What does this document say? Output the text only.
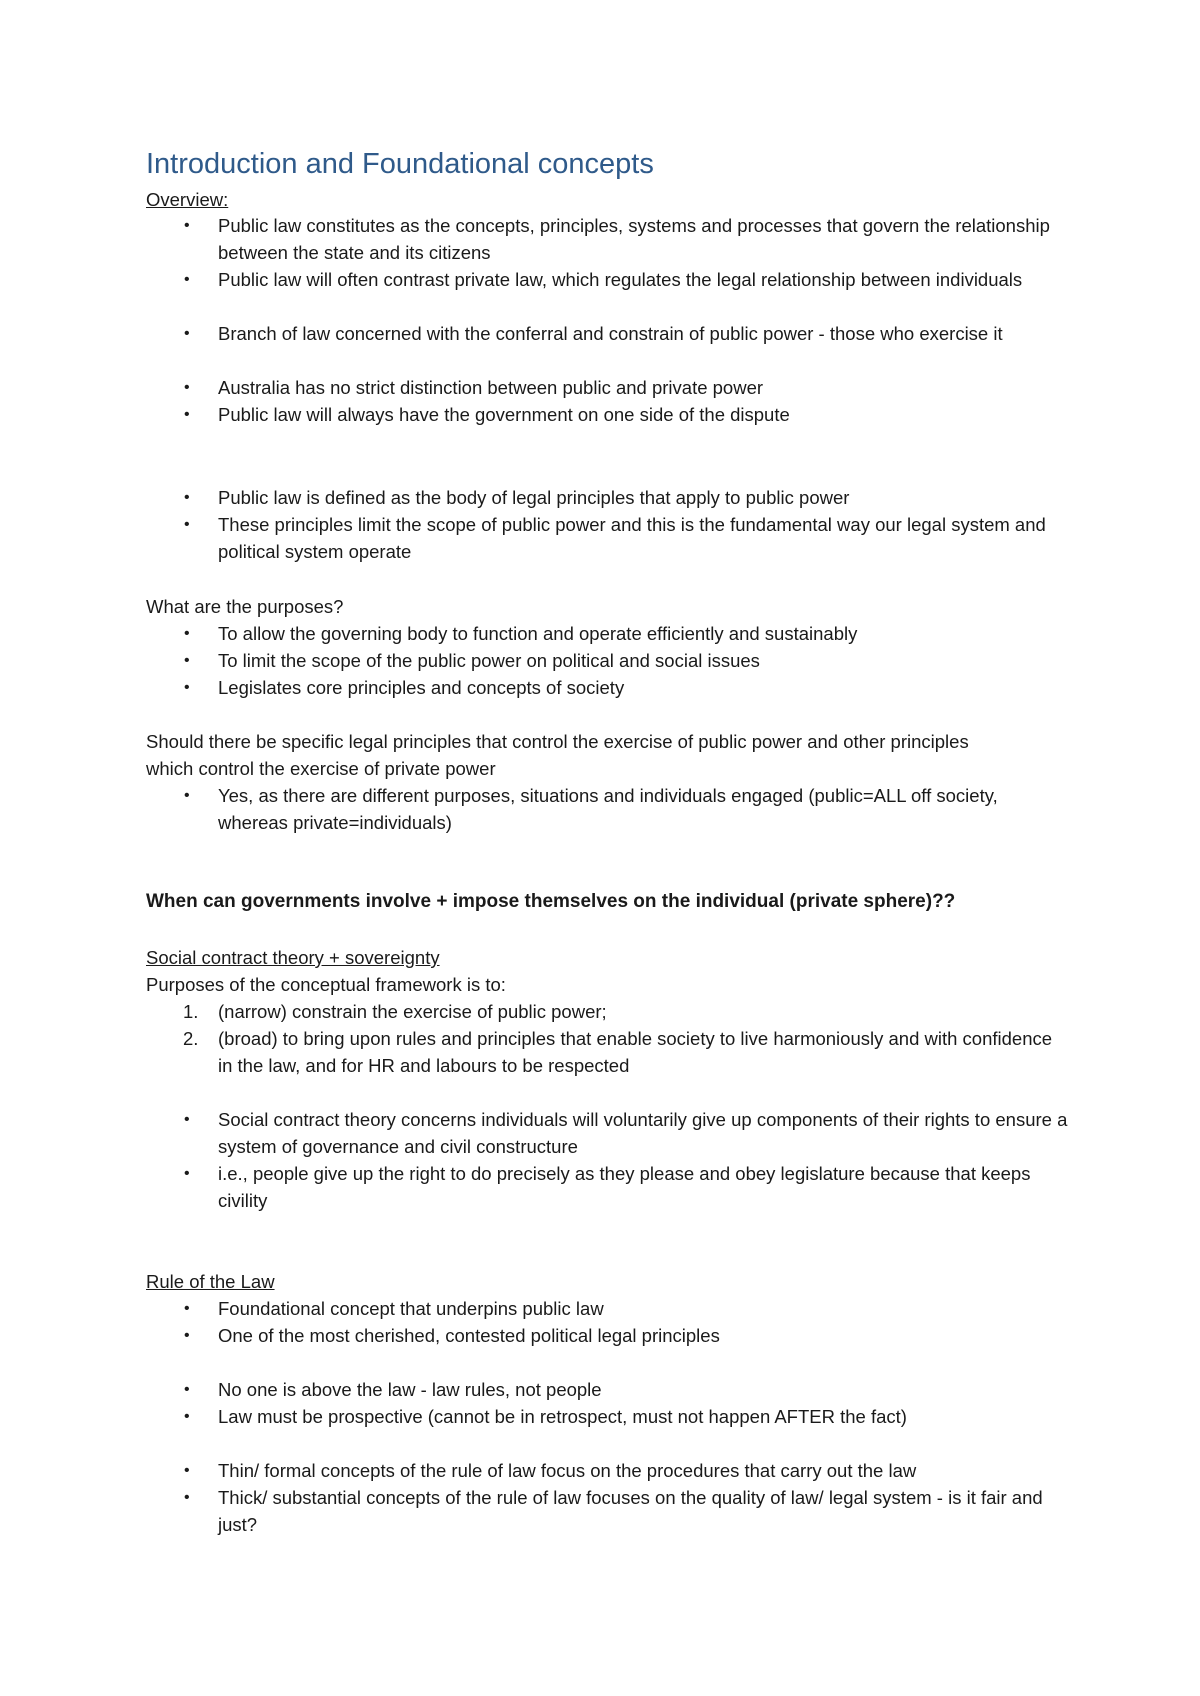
Introduction and Foundational concepts

Overview:

• Public law constitutes as the concepts, principles, systems and processes that govern the relationship between the state and its citizens

• Public law will often contrast private law, which regulates the legal relationship between individuals

• Branch of law concerned with the conferral and constrain of public power - those who exercise it

• Australia has no strict distinction between public and private power

• Public law will always have the government on one side of the dispute

• Public law is defined as the body of legal principles that apply to public power

• These principles limit the scope of public power and this is the fundamental way our legal system and political system operate

What are the purposes?

• To allow the governing body to function and operate efficiently and sustainably

• To limit the scope of the public power on political and social issues

• Legislates core principles and concepts of society

Should there be specific legal principles that control the exercise of public power and other principles which control the exercise of private power

• Yes, as there are different purposes, situations and individuals engaged (public=ALL off society, whereas private=individuals)

When can governments involve + impose themselves on the individual (private sphere)??

Social contract theory + sovereignty

Purposes of the conceptual framework is to:

1. (narrow) constrain the exercise of public power;

2. (broad) to bring upon rules and principles that enable society to live harmoniously and with confidence in the law, and for HR and labours to be respected

• Social contract theory concerns individuals will voluntarily give up components of their rights to ensure a system of governance and civil constructure

• i.e., people give up the right to do precisely as they please and obey legislature because that keeps civility

Rule of the Law

• Foundational concept that underpins public law

• One of the most cherished, contested political legal principles

• No one is above the law - law rules, not people

• Law must be prospective (cannot be in retrospect, must not happen AFTER the fact)

• Thin/ formal concepts of the rule of law focus on the procedures that carry out the law

• Thick/ substantial concepts of the rule of law focuses on the quality of law/ legal system - is it fair and just?
